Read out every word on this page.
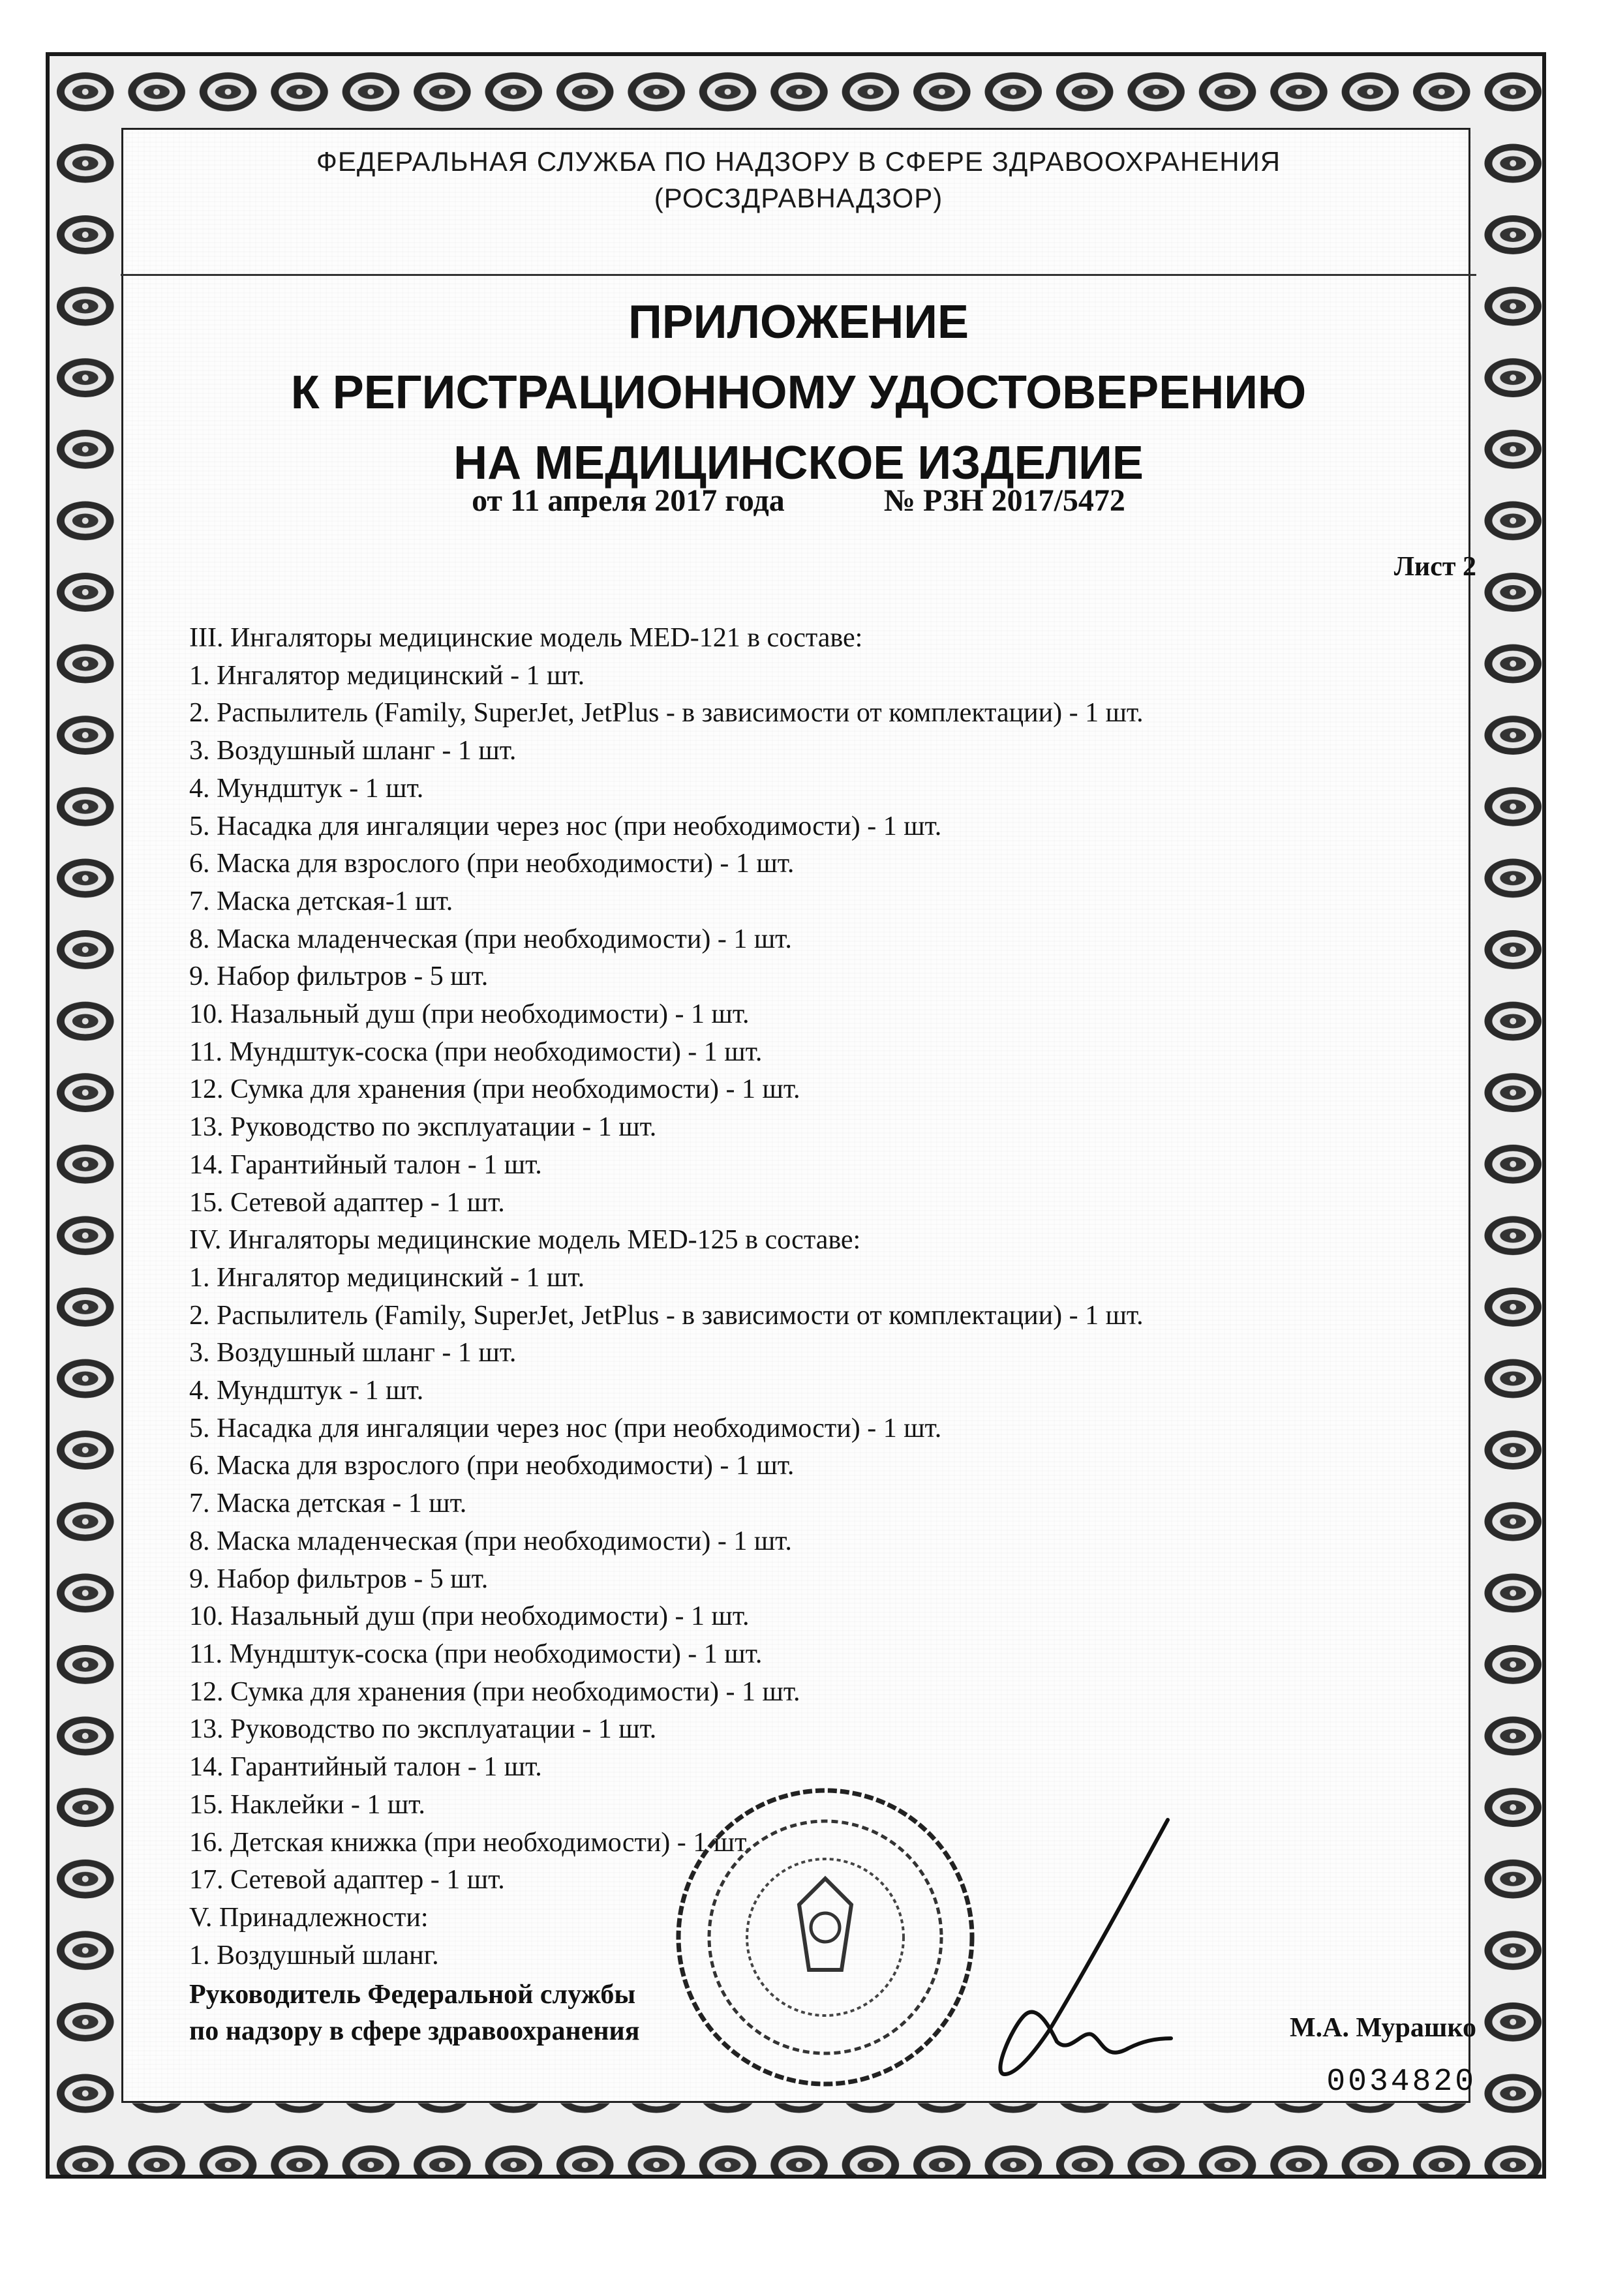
ФЕДЕРАЛЬНАЯ СЛУЖБА ПО НАДЗОРУ В СФЕРЕ ЗДРАВООХРАНЕНИЯ
(РОСЗДРАВНАДЗОР)
ПРИЛОЖЕНИЕ
К РЕГИСТРАЦИОННОМУ УДОСТОВЕРЕНИЮ
НА МЕДИЦИНСКОЕ ИЗДЕЛИЕ
от 11 апреля 2017 года	№ РЗН 2017/5472
Лист 2
III. Ингаляторы медицинские модель MED-121 в составе:
1. Ингалятор медицинский - 1 шт.
2. Распылитель (Family, SuperJet, JetPlus - в зависимости от комплектации) - 1 шт.
3. Воздушный шланг - 1 шт.
4. Мундштук - 1 шт.
5. Насадка для ингаляции через нос (при необходимости) - 1 шт.
6. Маска для взрослого (при необходимости) - 1 шт.
7. Маска детская-1 шт.
8. Маска младенческая (при необходимости) - 1 шт.
9. Набор фильтров - 5 шт.
10. Назальный душ (при необходимости) - 1 шт.
11. Мундштук-соска (при необходимости) - 1 шт.
12. Сумка для хранения (при необходимости) - 1 шт.
13. Руководство по эксплуатации - 1 шт.
14. Гарантийный талон - 1 шт.
15. Сетевой адаптер - 1 шт.
IV. Ингаляторы медицинские модель MED-125 в составе:
1. Ингалятор медицинский - 1 шт.
2. Распылитель (Family, SuperJet, JetPlus - в зависимости от комплектации) - 1 шт.
3. Воздушный шланг - 1 шт.
4. Мундштук - 1 шт.
5. Насадка для ингаляции через нос (при необходимости) - 1 шт.
6. Маска для взрослого (при необходимости) - 1 шт.
7. Маска детская - 1 шт.
8. Маска младенческая (при необходимости) - 1 шт.
9. Набор фильтров - 5 шт.
10. Назальный душ (при необходимости) - 1 шт.
11. Мундштук-соска (при необходимости) - 1 шт.
12. Сумка для хранения (при необходимости) - 1 шт.
13. Руководство по эксплуатации - 1 шт.
14. Гарантийный талон - 1 шт.
15. Наклейки - 1 шт.
16. Детская книжка (при необходимости) - 1 шт.
17. Сетевой адаптер - 1 шт.
V. Принадлежности:
1. Воздушный шланг.
Руководитель Федеральной службы
по надзору в сфере здравоохранения	М.А. Мурашко
0034820
